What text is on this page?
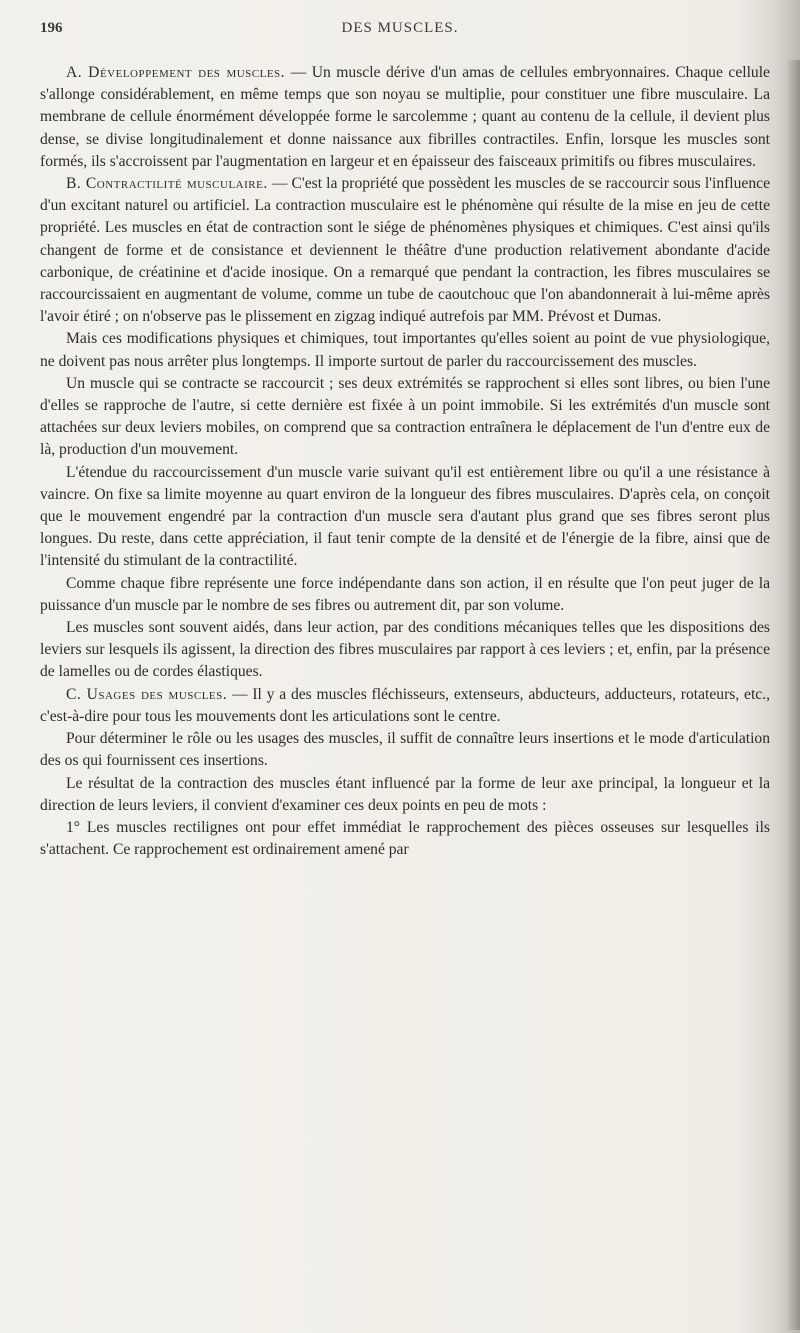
196	DES MUSCLES.

A. Développement des muscles. — Un muscle dérive d'un amas de cellules embryonnaires. Chaque cellule s'allonge considérablement, en même temps que son noyau se multiplie, pour constituer une fibre musculaire. La membrane de cellule énormément développée forme le sarcolemme ; quant au contenu de la cellule, il devient plus dense, se divise longitudinalement et donne naissance aux fibrilles contractiles. Enfin, lorsque les muscles sont formés, ils s'accroissent par l'augmentation en largeur et en épaisseur des faisceaux primitifs ou fibres musculaires.

B. Contractilité musculaire. — C'est la propriété que possèdent les muscles de se raccourcir sous l'influence d'un excitant naturel ou artificiel. La contraction musculaire est le phénomène qui résulte de la mise en jeu de cette propriété. Les muscles en état de contraction sont le siége de phénomènes physiques et chimiques. C'est ainsi qu'ils changent de forme et de consistance et deviennent le théâtre d'une production relativement abondante d'acide carbonique, de créatinine et d'acide inosique. On a remarqué que pendant la contraction, les fibres musculaires se raccourcissaient en augmentant de volume, comme un tube de caoutchouc que l'on abandonnerait à lui-même après l'avoir étiré ; on n'observe pas le plissement en zigzag indiqué autrefois par MM. Prévost et Dumas.

Mais ces modifications physiques et chimiques, tout importantes qu'elles soient au point de vue physiologique, ne doivent pas nous arrêter plus longtemps. Il importe surtout de parler du raccourcissement des muscles.

Un muscle qui se contracte se raccourcit ; ses deux extrémités se rapprochent si elles sont libres, ou bien l'une d'elles se rapproche de l'autre, si cette dernière est fixée à un point immobile. Si les extrémités d'un muscle sont attachées sur deux leviers mobiles, on comprend que sa contraction entraînera le déplacement de l'un d'entre eux de là, production d'un mouvement.

L'étendue du raccourcissement d'un muscle varie suivant qu'il est entièrement libre ou qu'il a une résistance à vaincre. On fixe sa limite moyenne au quart environ de la longueur des fibres musculaires. D'après cela, on conçoit que le mouvement engendré par la contraction d'un muscle sera d'autant plus grand que ses fibres seront plus longues. Du reste, dans cette appréciation, il faut tenir compte de la densité et de l'énergie de la fibre, ainsi que de l'intensité du stimulant de la contractilité.

Comme chaque fibre représente une force indépendante dans son action, il en résulte que l'on peut juger de la puissance d'un muscle par le nombre de ses fibres ou autrement dit, par son volume.

Les muscles sont souvent aidés, dans leur action, par des conditions mécaniques telles que les dispositions des leviers sur lesquels ils agissent, la direction des fibres musculaires par rapport à ces leviers ; et, enfin, par la présence de lamelles ou de cordes élastiques.

C. Usages des muscles. — Il y a des muscles fléchisseurs, extenseurs, abducteurs, adducteurs, rotateurs, etc., c'est-à-dire pour tous les mouvements dont les articulations sont le centre.

Pour déterminer le rôle ou les usages des muscles, il suffit de connaître leurs insertions et le mode d'articulation des os qui fournissent ces insertions.

Le résultat de la contraction des muscles étant influencé par la forme de leur axe principal, la longueur et la direction de leurs leviers, il convient d'examiner ces deux points en peu de mots :

1° Les muscles rectilignes ont pour effet immédiat le rapprochement des pièces osseuses sur lesquelles ils s'attachent. Ce rapprochement est ordinairement amené par
